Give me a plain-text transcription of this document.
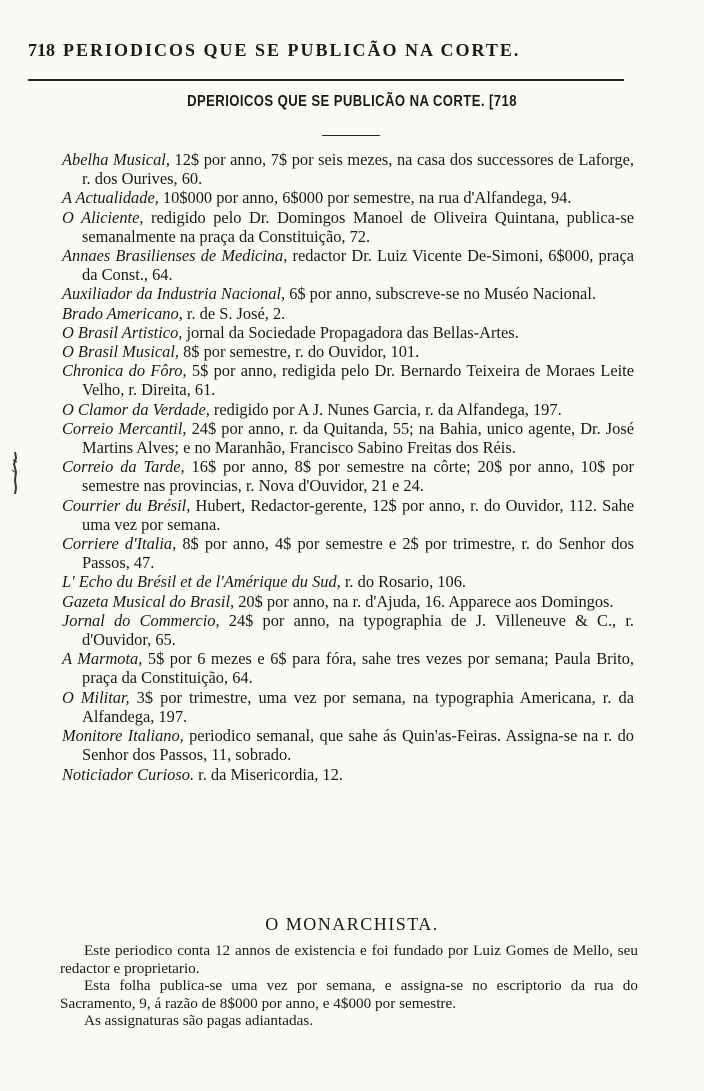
718 PERIODICOS QUE SE PUBLICÃO NA CORTE.
DPERIOICOS QUE SE PUBLICÃO NA CORTE. [718

Abelha Musical, 12$ por anno, 7$ por seis mezes, na casa dos successores de Laforge, r. dos Ourives, 60.

A Actualidade, 10$000 por anno, 6$000 por semestre, na rua d'Alfandega, 94.

O Aliciente, redigido pelo Dr. Domingos Manoel de Oliveira Quintana, publica-se semanalmente na praça da Constituição, 72.

Annaes Brasilienses de Medicina, redactor Dr. Luiz Vicente De-Simoni, 6$000, praça da Const., 64.

Auxiliador da Industria Nacional, 6$ por anno, subscreve-se no Muséo Nacional.

Brado Americano, r. de S. José, 2.

O Brasil Artistico, jornal da Sociedade Propagadora das Bellas-Artes.

O Brasil Musical, 8$ por semestre, r. do Ouvidor, 101.

Chronica do Fôro, 5$ por anno, redigida pelo Dr. Bernardo Teixeira de Moraes Leite Velho, r. Direita, 61.

O Clamor da Verdade, redigido por A J. Nunes Garcia, r. da Alfandega, 197.

Correio Mercantil, 24$ por anno, r. da Quitanda, 55; na Bahia, unico agente, Dr. José Martins Alves; e no Maranhão, Francisco Sabino Freitas dos Réis.

Correio da Tarde, 16$ por anno, 8$ por semestre na côrte; 20$ por anno, 10$ por semestre nas provincias, r. Nova d'Ouvidor, 21 e 24.

Courrier du Brésil, Hubert, Redactor-gerente, 12$ por anno, r. do Ouvidor, 112. Sahe uma vez por semana.

Corriere d'Italia, 8$ por anno, 4$ por semestre e 2$ por trimestre, r. do Senhor dos Passos, 47.

L' Echo du Brésil et de l'Amérique du Sud, r. do Rosario, 106.

Gazeta Musical do Brasil, 20$ por anno, na r. d'Ajuda, 16. Apparece aos Domingos.

Jornal do Commercio, 24$ por anno, na typographia de J. Villeneuve & C., r. d'Ouvidor, 65.

A Marmota, 5$ por 6 mezes e 6$ para fóra, sahe tres vezes por semana; Paula Brito, praça da Constituição, 64.

O Militar, 3$ por trimestre, uma vez por semana, na typographia Americana, r. da Alfandega, 197.

Monitore Italiano, periodico semanal, que sahe ás Quin'as-Feiras. Assigna-se na r. do Senhor dos Passos, 11, sobrado.

Noticiador Curioso. r. da Misericordia, 12.

O MONARCHISTA.

Este periodico conta 12 annos de existencia e foi fundado por Luiz Gomes de Mello, seu redactor e proprietario.

Esta folha publica-se uma vez por semana, e assigna-se no escriptorio da rua do Sacramento, 9, á razão de 8$000 por anno, e 4$000 por semestre.

As assignaturas são pagas adiantadas.
